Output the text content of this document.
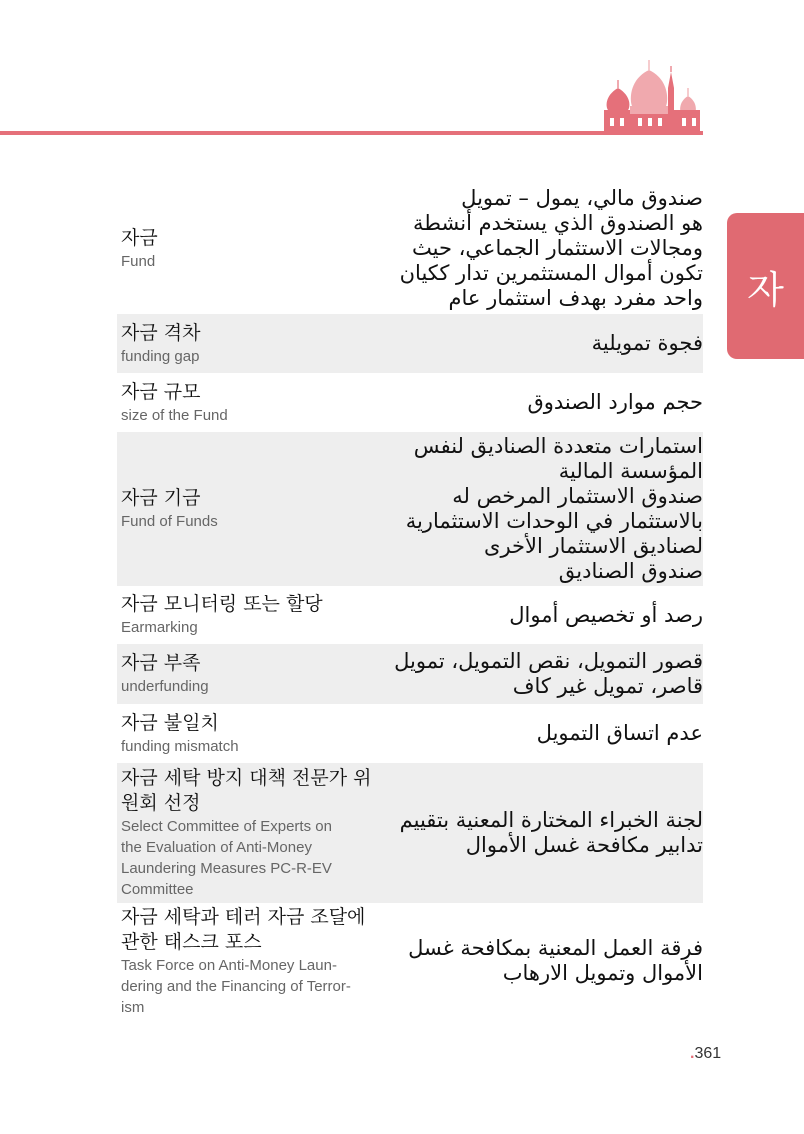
자
자금
Fund
صندوق مالي، يمول – تمويل
هو الصندوق الذي يستخدم أنشطة
ومجالات الاستثمار الجماعي، حيث
تكون أموال المستثمرين تدار ككيان
واحد مفرد بهدف استثمار عام
자금 격차
funding gap
فجوة تمويلية
자금 규모
size of the Fund
حجم موارد الصندوق
자금 기금
Fund of Funds
استمارات متعددة الصناديق لنفس
المؤسسة المالية
صندوق الاستثمار المرخص له
بالاستثمار في الوحدات الاستثمارية
لصناديق الاستثمار الأخرى
صندوق الصناديق
자금 모니터링 또는 할당
Earmarking
رصد أو تخصيص أموال
자금 부족
underfunding
قصور التمويل، نقص التمويل، تمويل
قاصر، تمويل غير كاف
자금 불일치
funding mismatch
عدم اتساق التمويل
자금 세탁 방지 대책 전문가 위원회 선정
Select Committee of Experts on
the Evaluation of Anti-Money
Laundering Measures PC-R-EV
Committee
لجنة الخبراء المختارة المعنية بتقييم
تدابير مكافحة غسل الأموال
자금 세탁과 테러 자금 조달에 관한 태스크 포스
Task Force on Anti-Money Laun-
dering and the Financing of Terror-
ism
فرقة العمل المعنية بمكافحة غسل
الأموال وتمويل الارهاب
.361
